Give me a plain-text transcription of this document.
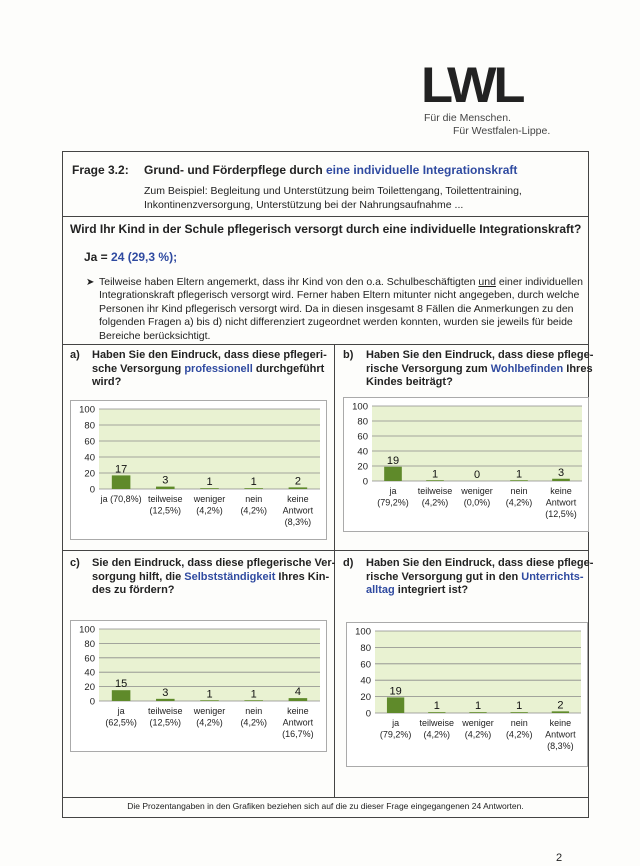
LWL
Für die Menschen.
Für Westfalen-Lippe.
Frage 3.2: Grund- und Förderpflege durch eine individuelle Integrationskraft
Zum Beispiel: Begleitung und Unterstützung beim Toilettengang, Toilettentraining,
Inkontinenzversorgung, Unterstützung bei der Nahrungsaufnahme ...
Wird Ihr Kind in der Schule pflegerisch versorgt durch eine individuelle Integrationskraft?
Ja = 24 (29,3 %);
➤ Teilweise haben Eltern angemerkt, dass ihr Kind von den o.a. Schulbeschäftigten und einer individuellen Integrationskraft pflegerisch versorgt wird. Ferner haben Eltern mitunter nicht angegeben, durch welche Personen ihr Kind pflegerisch versorgt wird. Da in diesen insgesamt 8 Fällen die Anmerkungen zu den folgenden Fragen a) bis d) nicht differenziert zugeordnet werden konnten, wurden sie jeweils für beide Bereiche berücksichtigt.
a) Haben Sie den Eindruck, dass diese pflegeri-
sche Versorgung professionell durchgeführt
wird?
b) Haben Sie den Eindruck, dass diese pflege-
rische Versorgung zum Wohlbefinden Ihres
Kindes beiträgt?
c) Sie den Eindruck, dass diese pflegerische Ver-
sorgung hilft, die Selbstständigkeit Ihres Kin-
des zu fördern?
d) Haben Sie den Eindruck, dass diese pflege-
rische Versorgung gut in den Unterrichts-
alltag integriert ist?
100
80
60
40
20
0
17
ja (70,8%)
3
teilweise
(12,5%)
1
weniger
(4,2%)
1
nein
(4,2%)
2
keine
Antwort
(8,3%)
100
80
60
40
20
0
19
ja
(79,2%)
1
teilweise
(4,2%)
0
weniger
(0,0%)
1
nein
(4,2%)
3
keine
Antwort
(12,5%)
100
80
60
40
20
0
15
ja
(62,5%)
3
teilweise
(12,5%)
1
weniger
(4,2%)
1
nein
(4,2%)
4
keine
Antwort
(16,7%)
100
80
60
40
20
0
19
ja
(79,2%)
1
teilweise
(4,2%)
1
weniger
(4,2%)
1
nein
(4,2%)
2
keine
Antwort
(8,3%)
Die Prozentangaben in den Grafiken beziehen sich auf die zu dieser Frage eingegangenen 24 Antworten.
2
